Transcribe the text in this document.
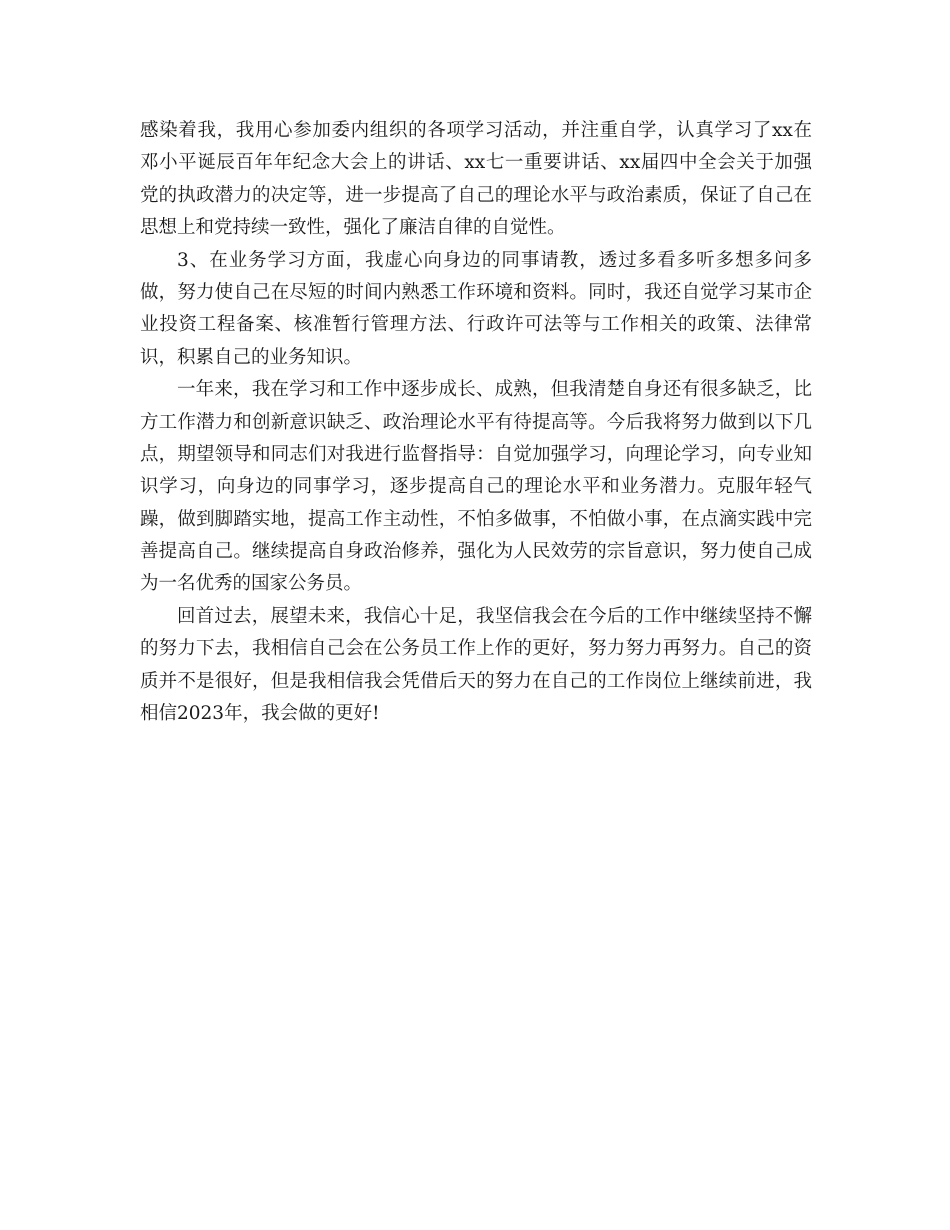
感染着我，我用心参加委内组织的各项学习活动，并注重自学，认真学习了xx在
邓小平诞辰百年年纪念大会上的讲话、xx七一重要讲话、xx届四中全会关于加强
党的执政潜力的决定等，进一步提高了自己的理论水平与政治素质，保证了自己在
思想上和党持续一致性，强化了廉洁自律的自觉性。
3、在业务学习方面，我虚心向身边的同事请教，透过多看多听多想多问多
做，努力使自己在尽短的时间内熟悉工作环境和资料。同时，我还自觉学习某市企
业投资工程备案、核准暂行管理方法、行政许可法等与工作相关的政策、法律常
识，积累自己的业务知识。
一年来，我在学习和工作中逐步成长、成熟，但我清楚自身还有很多缺乏，比
方工作潜力和创新意识缺乏、政治理论水平有待提高等。今后我将努力做到以下几
点，期望领导和同志们对我进行监督指导：自觉加强学习，向理论学习，向专业知
识学习，向身边的同事学习，逐步提高自己的理论水平和业务潜力。克服年轻气
躁，做到脚踏实地，提高工作主动性，不怕多做事，不怕做小事，在点滴实践中完
善提高自己。继续提高自身政治修养，强化为人民效劳的宗旨意识，努力使自己成
为一名优秀的国家公务员。
回首过去，展望未来，我信心十足，我坚信我会在今后的工作中继续坚持不懈
的努力下去，我相信自己会在公务员工作上作的更好，努力努力再努力。自己的资
质并不是很好，但是我相信我会凭借后天的努力在自己的工作岗位上继续前进，我
相信2023年，我会做的更好!
